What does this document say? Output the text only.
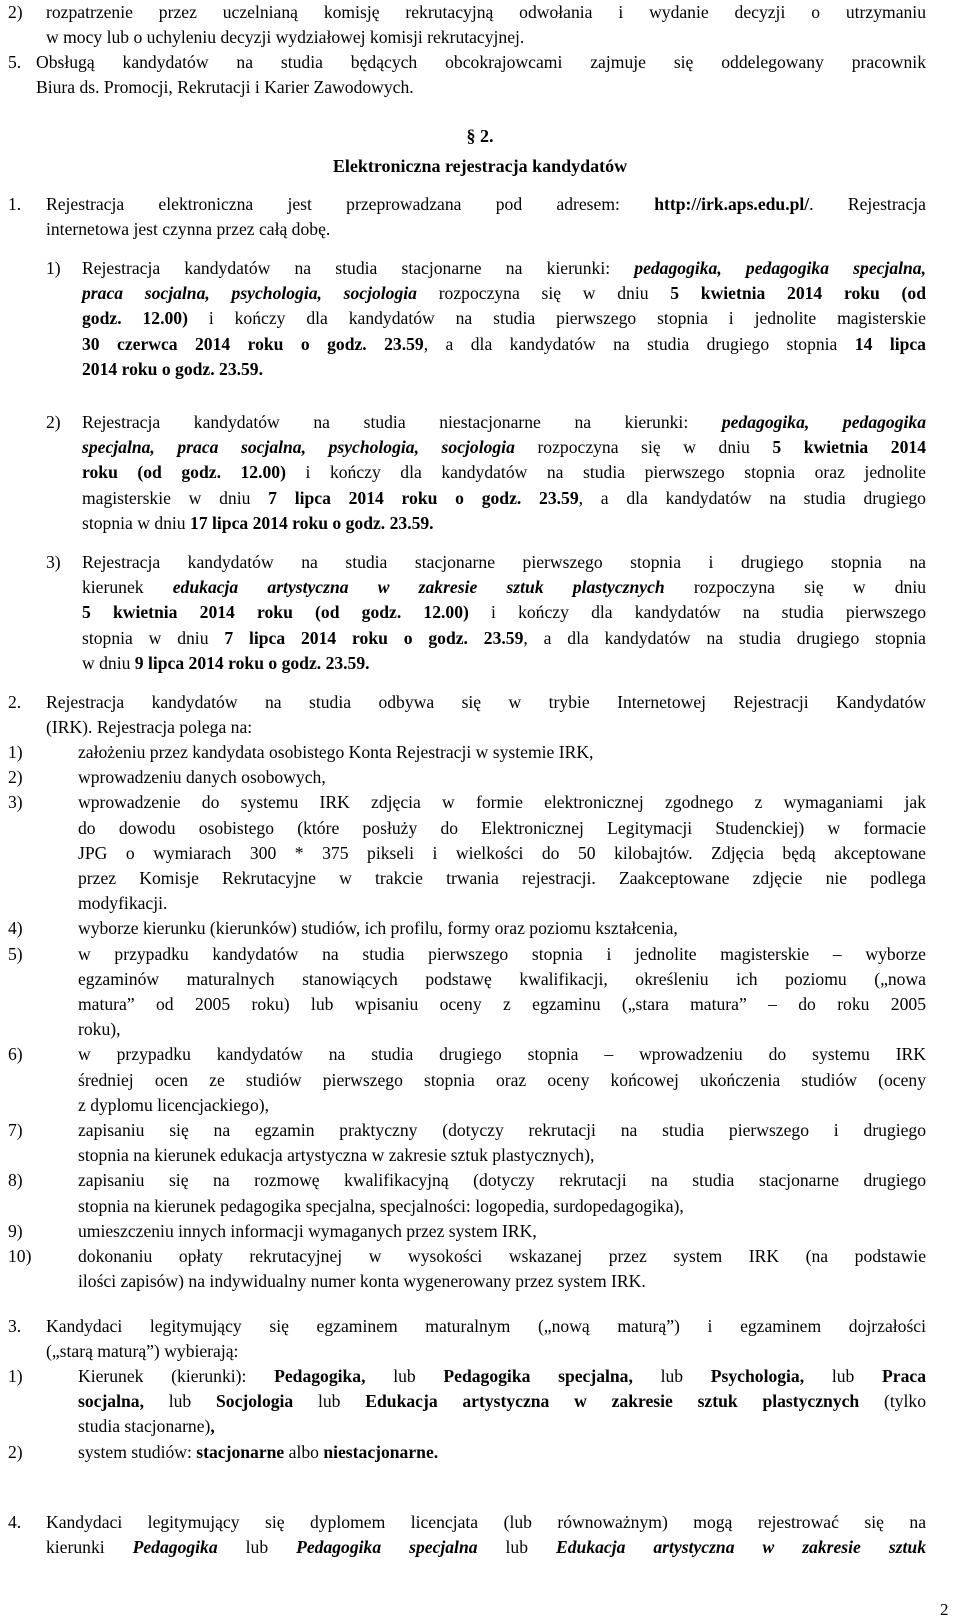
2) rozpatrzenie przez uczelnianą komisję rekrutacyjną odwołania i wydanie decyzji o utrzymaniu
w mocy lub o uchyleniu decyzji wydziałowej komisji rekrutacyjnej.
5. Obsługą kandydatów na studia będących obcokrajowcami zajmuje się oddelegowany pracownik
Biura ds. Promocji, Rekrutacji i Karier Zawodowych.
§ 2.
Elektroniczna rejestracja kandydatów
1. Rejestracja elektroniczna jest przeprowadzana pod adresem: http://irk.aps.edu.pl/. Rejestracja
internetowa jest czynna przez całą dobę.
1) Rejestracja kandydatów na studia stacjonarne na kierunki: pedagogika, pedagogika specjalna,
praca socjalna, psychologia, socjologia rozpoczyna się w dniu 5 kwietnia 2014 roku (od
godz. 12.00) i kończy dla kandydatów na studia pierwszego stopnia i jednolite magisterskie
30 czerwca 2014 roku o godz. 23.59, a dla kandydatów na studia drugiego stopnia 14 lipca
2014 roku o godz. 23.59.
2) Rejestracja kandydatów na studia niestacjonarne na kierunki: pedagogika, pedagogika
specjalna, praca socjalna, psychologia, socjologia rozpoczyna się w dniu 5 kwietnia 2014
roku (od godz. 12.00) i kończy dla kandydatów na studia pierwszego stopnia oraz jednolite
magisterskie w dniu 7 lipca 2014 roku o godz. 23.59, a dla kandydatów na studia drugiego
stopnia w dniu 17 lipca 2014 roku o godz. 23.59.
3) Rejestracja kandydatów na studia stacjonarne pierwszego stopnia i drugiego stopnia na
kierunek edukacja artystyczna w zakresie sztuk plastycznych rozpoczyna się w dniu
5 kwietnia 2014 roku (od godz. 12.00) i kończy dla kandydatów na studia pierwszego
stopnia w dniu 7 lipca 2014 roku o godz. 23.59, a dla kandydatów na studia drugiego stopnia
w dniu 9 lipca 2014 roku o godz. 23.59.
2. Rejestracja kandydatów na studia odbywa się w trybie Internetowej Rejestracji Kandydatów
(IRK). Rejestracja polega na:
1)	założeniu przez kandydata osobistego Konta Rejestracji w systemie IRK,
2)	wprowadzeniu danych osobowych,
3)	wprowadzenie do systemu IRK zdjęcia w formie elektronicznej zgodnego z wymaganiami jak
do dowodu osobistego (które posłuży do Elektronicznej Legitymacji Studenckiej) w formacie
JPG o wymiarach 300 * 375 pikseli i wielkości do 50 kilobajtów. Zdjęcia będą akceptowane
przez Komisje Rekrutacyjne w trakcie trwania rejestracji. Zaakceptowane zdjęcie nie podlega
modyfikacji.
4)	wyborze kierunku (kierunków) studiów, ich profilu, formy oraz poziomu kształcenia,
5)	w przypadku kandydatów na studia pierwszego stopnia i jednolite magisterskie – wyborze
egzaminów maturalnych stanowiących podstawę kwalifikacji, określeniu ich poziomu („nowa
matura” od 2005 roku) lub wpisaniu oceny z egzaminu („stara matura” – do roku 2005
roku),
6)	w przypadku kandydatów na studia drugiego stopnia – wprowadzeniu do systemu IRK
średniej ocen ze studiów pierwszego stopnia oraz oceny końcowej ukończenia studiów (oceny
z dyplomu licencjackiego),
7)	zapisaniu się na egzamin praktyczny (dotyczy rekrutacji na studia pierwszego i drugiego
stopnia na kierunek edukacja artystyczna w zakresie sztuk plastycznych),
8)	zapisaniu się na rozmowę kwalifikacyjną (dotyczy rekrutacji na studia stacjonarne drugiego
stopnia na kierunek pedagogika specjalna, specjalności: logopedia, surdopedagogika),
9)	umieszczeniu innych informacji wymaganych przez system IRK,
10)	dokonaniu opłaty rekrutacyjnej w wysokości wskazanej przez system IRK (na podstawie
ilości zapisów) na indywidualny numer konta wygenerowany przez system IRK.
3. Kandydaci legitymujący się egzaminem maturalnym („nową maturą”) i egzaminem dojrzałości
(„starą maturą”) wybierają:
1)	Kierunek (kierunki): Pedagogika, lub Pedagogika specjalna, lub Psychologia, lub Praca
socjalna, lub Socjologia lub Edukacja artystyczna w zakresie sztuk plastycznych (tylko
studia stacjonarne),
2)	system studiów: stacjonarne albo niestacjonarne.
4. Kandydaci legitymujący się dyplomem licencjata (lub równoważnym) mogą rejestrować się na
kierunki Pedagogika lub Pedagogika specjalna lub Edukacja artystyczna w zakresie sztuk
2
